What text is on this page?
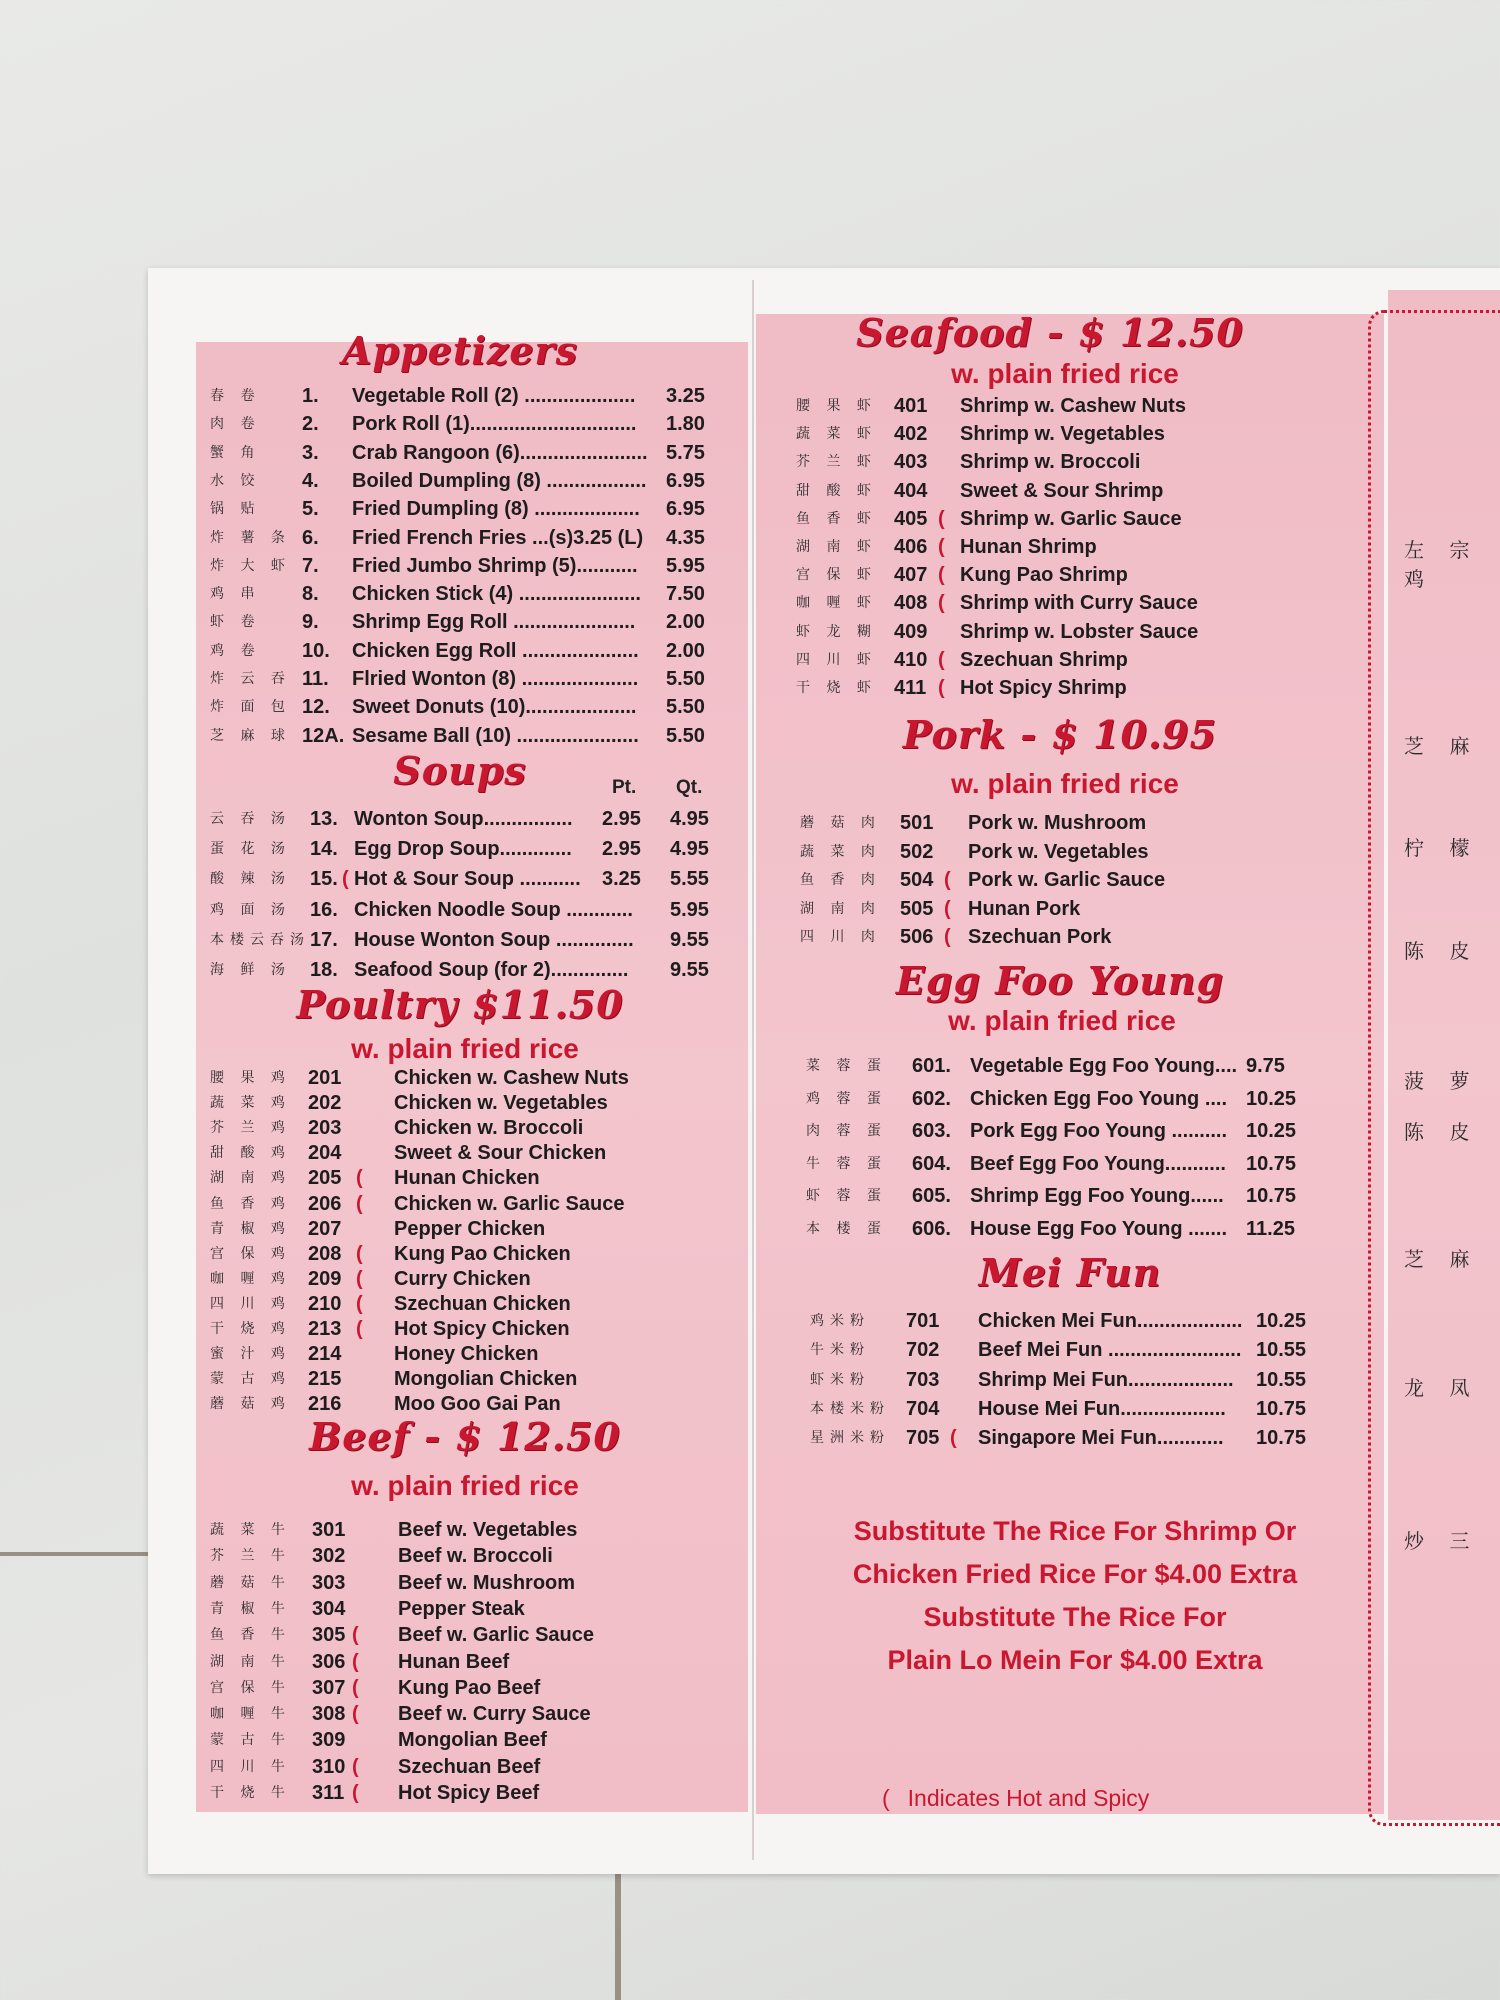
左 宗 鸡
芝 麻
柠 檬
陈 皮
菠 萝
陈 皮
芝 麻
龙 凤
炒 三
Appetizers
Soups	Pt. Qt.
Poultry $11.50
w. plain fried rice
Beef - $ 12.50
w. plain fried rice
Seafood - $ 12.50
w. plain fried rice
Pork - $ 10.95
w. plain fried rice
Egg Foo Young
w. plain fried rice
Mei Fun
Substitute The Rice For Shrimp Or
Chicken Fried Rice For $4.00 Extra
Substitute The Rice For
Plain Lo Mein For $4.00 Extra
( Indicates Hot and Spicy
春 卷 1. Vegetable Roll (2) .................... 3.25
肉 卷 2. Pork Roll (1).............................. 1.80
蟹 角 3. Crab Rangoon (6)....................... 5.75
水 饺 4. Boiled Dumpling (8) .................. 6.95
锅 贴 5. Fried Dumpling (8) ................... 6.95
炸 薯 条 6. Fried French Fries ...(s)3.25 (L) 4.35
炸 大 虾 7. Fried Jumbo Shrimp (5)........... 5.95
鸡 串 8. Chicken Stick (4) ...................... 7.50
虾 卷 9. Shrimp Egg Roll ...................... 2.00
鸡 卷 10. Chicken Egg Roll ..................... 2.00
炸 云 吞 11. Flried Wonton (8) ..................... 5.50
炸 面 包 12. Sweet Donuts (10).................... 5.50
芝 麻 球 12A. Sesame Ball (10) ...................... 5.50
云 吞 汤 13. Wonton Soup................ 2.95 4.95
蛋 花 汤 14. Egg Drop Soup............. 2.95 4.95
酸 辣 汤 15. ( Hot & Sour Soup ........... 3.25 5.55
鸡 面 汤 16. Chicken Noodle Soup ............ 5.95
本楼云吞汤 17. House Wonton Soup .............. 9.55
海 鲜 汤 18. Seafood Soup (for 2).............. 9.55
腰 果 鸡 201	Chicken w. Cashew Nuts
蔬 菜 鸡 202	Chicken w. Vegetables
芥 兰 鸡 203	Chicken w. Broccoli
甜 酸 鸡 204	Sweet & Sour Chicken
湖 南 鸡 205 ( Hunan Chicken
鱼 香 鸡 206 ( Chicken w. Garlic Sauce
青 椒 鸡 207	Pepper Chicken
宫 保 鸡 208 ( Kung Pao Chicken
咖 喱 鸡 209 ( Curry Chicken
四 川 鸡 210 ( Szechuan Chicken
干 烧 鸡 213 ( Hot Spicy Chicken
蜜 汁 鸡 214	Honey Chicken
蒙 古 鸡 215	Mongolian Chicken
蘑 菇 鸡 216	Moo Goo Gai Pan
蔬 菜 牛 301	Beef w. Vegetables
芥 兰 牛 302	Beef w. Broccoli
蘑 菇 牛 303	Beef w. Mushroom
青 椒 牛 304	Pepper Steak
鱼 香 牛 305 ( Beef w. Garlic Sauce
湖 南 牛 306 ( Hunan Beef
宫 保 牛 307 ( Kung Pao Beef
咖 喱 牛 308 ( Beef w. Curry Sauce
蒙 古 牛 309	Mongolian Beef
四 川 牛 310 ( Szechuan Beef
干 烧 牛 311 ( Hot Spicy Beef
腰 果 虾 401 Shrimp w. Cashew Nuts
蔬 菜 虾 402 Shrimp w. Vegetables
芥 兰 虾 403 Shrimp w. Broccoli
甜 酸 虾 404 Sweet & Sour Shrimp
鱼 香 虾 405 ( Shrimp w. Garlic Sauce
湖 南 虾 406 ( Hunan Shrimp
宫 保 虾 407 ( Kung Pao Shrimp
咖 喱 虾 408 ( Shrimp with Curry Sauce
虾 龙 糊 409 Shrimp w. Lobster Sauce
四 川 虾 410 ( Szechuan Shrimp
干 烧 虾 411 ( Hot Spicy Shrimp
蘑 菇 肉 501 Pork w. Mushroom
蔬 菜 肉 502 Pork w. Vegetables
鱼 香 肉 504 ( Pork w. Garlic Sauce
湖 南 肉 505 ( Hunan Pork
四 川 肉 506 ( Szechuan Pork
菜 蓉 蛋 601. Vegetable Egg Foo Young.... 9.75
鸡 蓉 蛋 602. Chicken Egg Foo Young .... 10.25
肉 蓉 蛋 603. Pork Egg Foo Young .......... 10.25
牛 蓉 蛋 604. Beef Egg Foo Young........... 10.75
虾 蓉 蛋 605. Shrimp Egg Foo Young...... 10.75
本 楼 蛋 606. House Egg Foo Young ....... 11.25
鸡米粉 701 Chicken Mei Fun................... 10.25
牛米粉 702 Beef Mei Fun ........................ 10.55
虾米粉 703 Shrimp Mei Fun................... 10.55
本楼米粉 704 House Mei Fun................... 10.75
星洲米粉 705 ( Singapore Mei Fun............ 10.75
